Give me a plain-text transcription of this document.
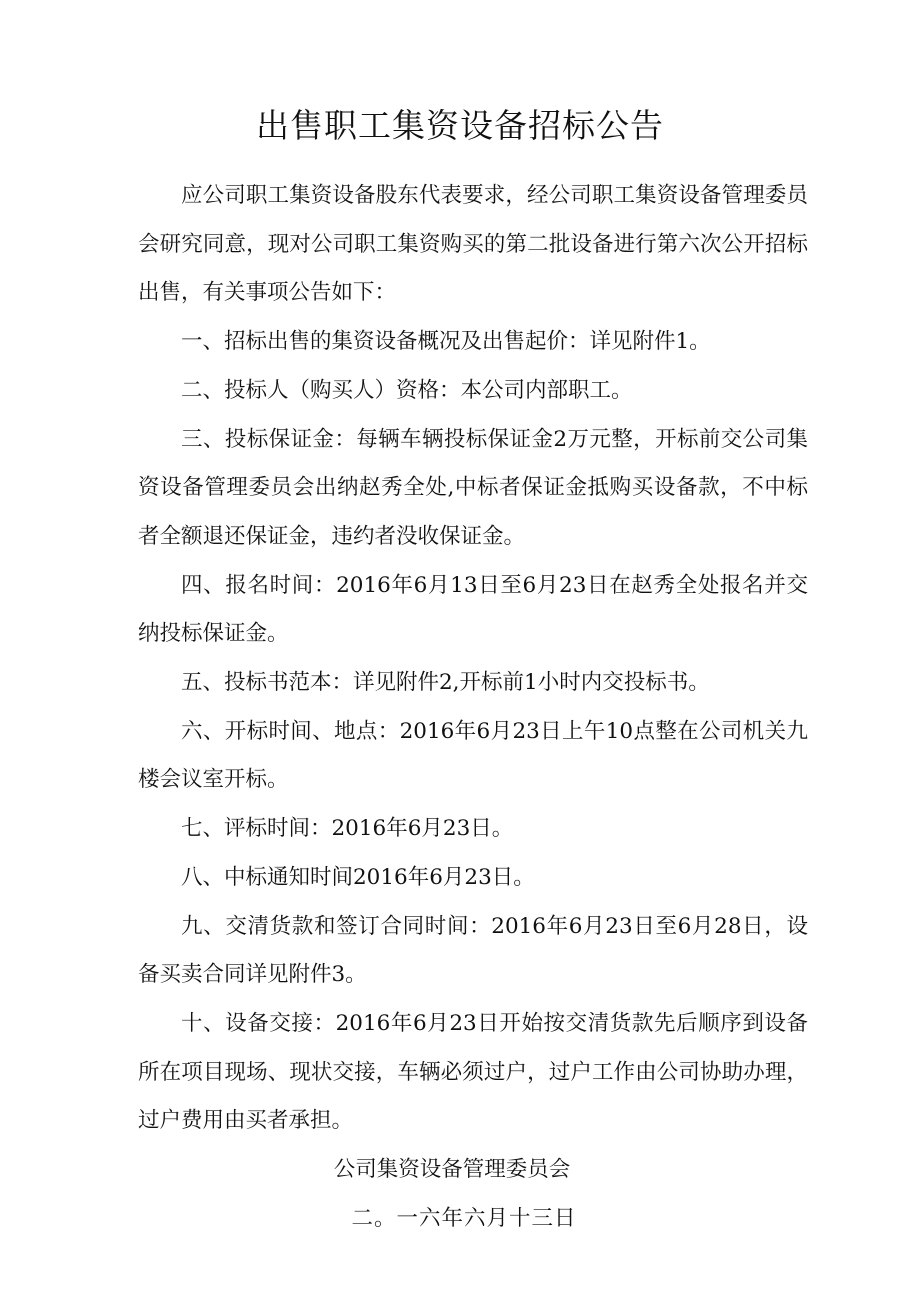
出售职工集资设备招标公告

应公司职工集资设备股东代表要求，经公司职工集资设备管理委员会研究同意，现对公司职工集资购买的第二批设备进行第六次公开招标出售，有关事项公告如下：

一、招标出售的集资设备概况及出售起价：详见附件1。

二、投标人（购买人）资格：本公司内部职工。

三、投标保证金：每辆车辆投标保证金2万元整，开标前交公司集资设备管理委员会出纳赵秀全处,中标者保证金抵购买设备款，不中标者全额退还保证金，违约者没收保证金。

四、报名时间：2016年6月13日至6月23日在赵秀全处报名并交纳投标保证金。

五、投标书范本：详见附件2,开标前1小时内交投标书。

六、开标时间、地点：2016年6月23日上午10点整在公司机关九楼会议室开标。

七、评标时间：2016年6月23日。

八、中标通知时间2016年6月23日。

九、交清货款和签订合同时间：2016年6月23日至6月28日，设备买卖合同详见附件3。

十、设备交接：2016年6月23日开始按交清货款先后顺序到设备所在项目现场、现状交接，车辆必须过户，过户工作由公司协助办理，过户费用由买者承担。

公司集资设备管理委员会
二。一六年六月十三日
